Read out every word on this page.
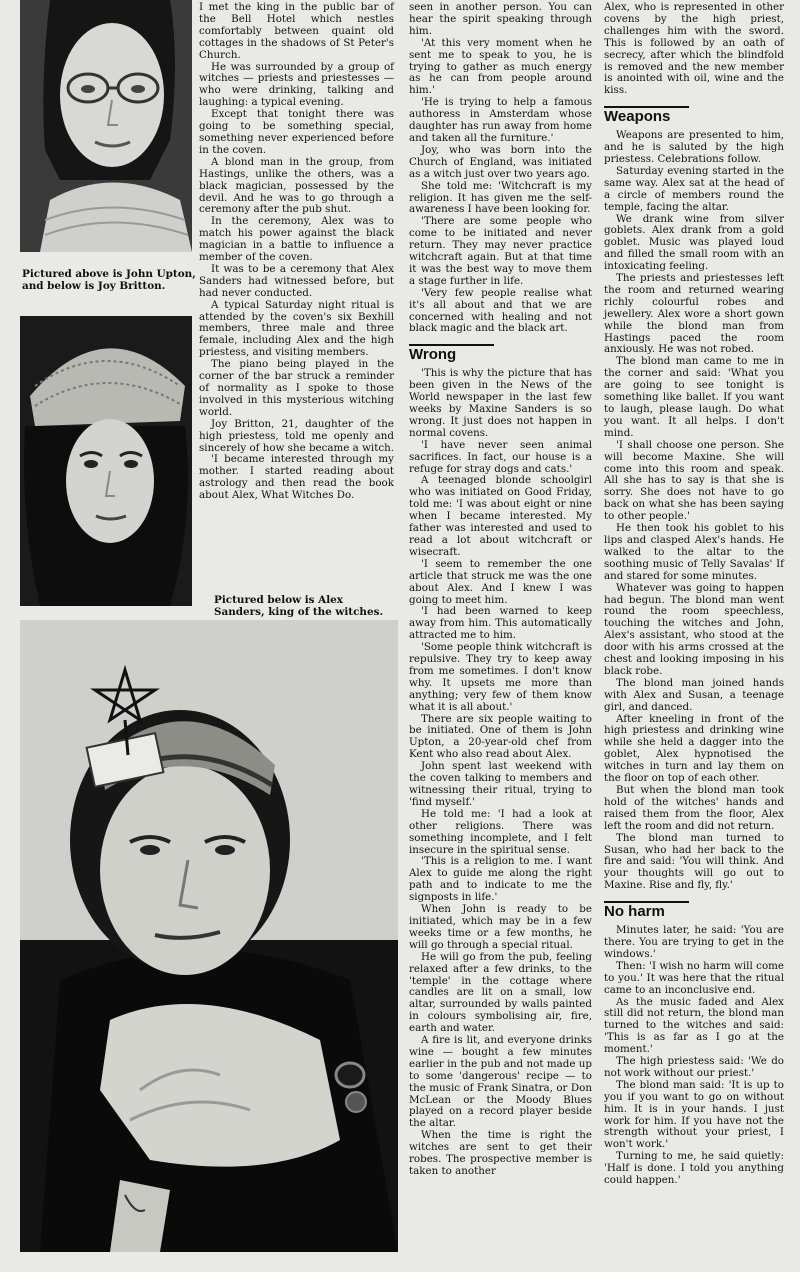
Pictured above is John Upton, and below is Joy Britton.
Pictured below is Alex Sanders, king of the witches.

I met the king in the public bar of the Bell Hotel which nestles comfortably between quaint old cottages in the shadows of St Peter's Church.

He was surrounded by a group of witches — priests and priestesses — who were drinking, talking and laughing: a typical evening.

Except that tonight there was going to be something special, something never experienced before in the coven.

A blond man in the group, from Hastings, unlike the others, was a black magician, possessed by the devil. And he was to go through a ceremony after the pub shut.

In the ceremony, Alex was to match his power against the black magician in a battle to influence a member of the coven.

It was to be a ceremony that Alex Sanders had witnessed before, but had never conducted.

A typical Saturday night ritual is attended by the coven's six Bexhill members, three male and three female, including Alex and the high priestess, and visiting members.

The piano being played in the corner of the bar struck a reminder of normality as I spoke to those involved in this mysterious witching world.

Joy Britton, 21, daughter of the high priestess, told me openly and sincerely of how she became a witch.

'I became interested through my mother. I started reading about astrology and then read the book about Alex, What Witches Do.

seen in another person. You can hear the spirit speaking through him.

'At this very moment when he sent me to speak to you, he is trying to gather as much energy as he can from people around him.'

'He is trying to help a famous authoress in Amsterdam whose daughter has run away from home and taken all the furniture.'

Joy, who was born into the Church of England, was initiated as a witch just over two years ago.

She told me: 'Witchcraft is my religion. It has given me the self-awareness I have been looking for.

'There are some people who come to be initiated and never return. They may never practice witchcraft again. But at that time it was the best way to move them a stage further in life.

'Very few people realise what it's all about and that we are concerned with healing and not black magic and the black art.

Wrong

'This is why the picture that has been given in the News of the World newspaper in the last few weeks by Maxine Sanders is so wrong. It just does not happen in normal covens.

'I have never seen animal sacrifices. In fact, our house is a refuge for stray dogs and cats.'

A teenaged blonde schoolgirl who was initiated on Good Friday, told me: 'I was about eight or nine when I became interested. My father was interested and used to read a lot about witchcraft or wisecraft.

'I seem to remember the one article that struck me was the one about Alex. And I knew I was going to meet him.

'I had been warned to keep away from him. This automatically attracted me to him.

'Some people think witchcraft is repulsive. They try to keep away from me sometimes. I don't know why. It upsets me more than anything; very few of them know what it is all about.'

There are six people waiting to be initiated. One of them is John Upton, a 20-year-old chef from Kent who also read about Alex.

John spent last weekend with the coven talking to members and witnessing their ritual, trying to 'find myself.'

He told me: 'I had a look at other religions. There was something incomplete, and I felt insecure in the spiritual sense.

'This is a religion to me. I want Alex to guide me along the right path and to indicate to me the signposts in life.'

When John is ready to be initiated, which may be in a few weeks time or a few months, he will go through a special ritual.

He will go from the pub, feeling relaxed after a few drinks, to the 'temple' in the cottage where candles are lit on a small, low altar, surrounded by walls painted in colours symbolising air, fire, earth and water.

A fire is lit, and everyone drinks wine — bought a few minutes earlier in the pub and not made up to some 'dangerous' recipe — to the music of Frank Sinatra, or Don McLean or the Moody Blues played on a record player beside the altar.

When the time is right the witches are sent to get their robes. The prospective member is taken to another

Alex, who is represented in other covens by the high priest, challenges him with the sword. This is followed by an oath of secrecy, after which the blindfold is removed and the new member is anointed with oil, wine and the kiss.

Weapons

Weapons are presented to him, and he is saluted by the high priestess. Celebrations follow.

Saturday evening started in the same way. Alex sat at the head of a circle of members round the temple, facing the altar.

We drank wine from silver goblets. Alex drank from a gold goblet. Music was played loud and filled the small room with an intoxicating feeling.

The priests and priestesses left the room and returned wearing richly colourful robes and jewellery. Alex wore a short gown while the blond man from Hastings paced the room anxiously. He was not robed.

The blond man came to me in the corner and said: 'What you are going to see tonight is something like ballet. If you want to laugh, please laugh. Do what you want. It all helps. I don't mind.

'I shall choose one person. She will become Maxine. She will come into this room and speak. All she has to say is that she is sorry. She does not have to go back on what she has been saying to other people.'

He then took his goblet to his lips and clasped Alex's hands. He walked to the altar to the soothing music of Telly Savalas' If and stared for some minutes.

Whatever was going to happen had begun. The blond man went round the room speechless, touching the witches and John, Alex's assistant, who stood at the door with his arms crossed at the chest and looking imposing in his black robe.

The blond man joined hands with Alex and Susan, a teenage girl, and danced.

After kneeling in front of the high priestess and drinking wine while she held a dagger into the goblet, Alex hypnotised the witches in turn and lay them on the floor on top of each other.

But when the blond man took hold of the witches' hands and raised them from the floor, Alex left the room and did not return.

The blond man turned to Susan, who had her back to the fire and said: 'You will think. And your thoughts will go out to Maxine. Rise and fly, fly.'

No harm

Minutes later, he said: 'You are there. You are trying to get in the windows.'

Then: 'I wish no harm will come to you.' It was here that the ritual came to an inconclusive end.

As the music faded and Alex still did not return, the blond man turned to the witches and said: 'This is as far as I go at the moment.'

The high priestess said: 'We do not work without our priest.'

The blond man said: 'It is up to you if you want to go on without him. It is in your hands. I just work for him. If you have not the strength without your priest, I won't work.'

Turning to me, he said quietly: 'Half is done. I told you anything could happen.'
